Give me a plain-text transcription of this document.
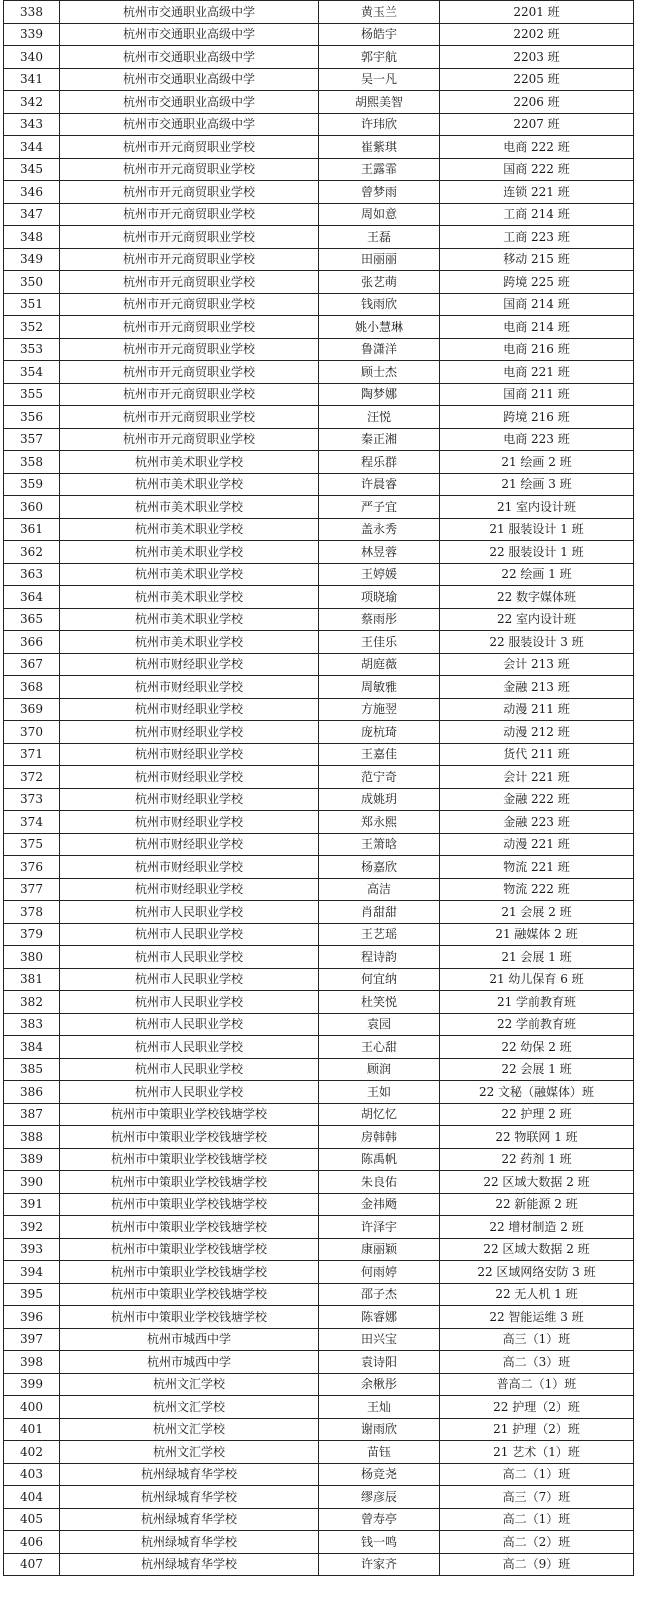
338	杭州市交通职业高级中学	黄玉兰	2201 班
339	杭州市交通职业高级中学	杨皓宇	2202 班
340	杭州市交通职业高级中学	郭宇航	2203 班
341	杭州市交通职业高级中学	吴一凡	2205 班
342	杭州市交通职业高级中学	胡熙美智	2206 班
343	杭州市交通职业高级中学	许玮欣	2207 班
344	杭州市开元商贸职业学校	崔紫琪	电商 222 班
345	杭州市开元商贸职业学校	王露霏	国商 222 班
346	杭州市开元商贸职业学校	曾梦雨	连锁 221 班
347	杭州市开元商贸职业学校	周如意	工商 214 班
348	杭州市开元商贸职业学校	王磊	工商 223 班
349	杭州市开元商贸职业学校	田丽丽	移动 215 班
350	杭州市开元商贸职业学校	张艺萌	跨境 225 班
351	杭州市开元商贸职业学校	钱雨欣	国商 214 班
352	杭州市开元商贸职业学校	姚小慧琳	电商 214 班
353	杭州市开元商贸职业学校	鲁潇洋	电商 216 班
354	杭州市开元商贸职业学校	顾士杰	电商 221 班
355	杭州市开元商贸职业学校	陶梦娜	国商 211 班
356	杭州市开元商贸职业学校	汪悦	跨境 216 班
357	杭州市开元商贸职业学校	秦正湘	电商 223 班
358	杭州市美术职业学校	程乐群	21 绘画 2 班
359	杭州市美术职业学校	许晨睿	21 绘画 3 班
360	杭州市美术职业学校	严子宜	21 室内设计班
361	杭州市美术职业学校	盖永秀	21 服装设计 1 班
362	杭州市美术职业学校	林昱蓉	22 服装设计 1 班
363	杭州市美术职业学校	王婷媛	22 绘画 1 班
364	杭州市美术职业学校	项晓瑜	22 数字媒体班
365	杭州市美术职业学校	蔡雨彤	22 室内设计班
366	杭州市美术职业学校	王佳乐	22 服装设计 3 班
367	杭州市财经职业学校	胡庭薇	会计 213 班
368	杭州市财经职业学校	周敏雅	金融 213 班
369	杭州市财经职业学校	方施翌	动漫 211 班
370	杭州市财经职业学校	庞杭琦	动漫 212 班
371	杭州市财经职业学校	王嘉佳	货代 211 班
372	杭州市财经职业学校	范宁奇	会计 221 班
373	杭州市财经职业学校	成姚玥	金融 222 班
374	杭州市财经职业学校	郑永熙	金融 223 班
375	杭州市财经职业学校	王箫晗	动漫 221 班
376	杭州市财经职业学校	杨嘉欣	物流 221 班
377	杭州市财经职业学校	高洁	物流 222 班
378	杭州市人民职业学校	肖甜甜	21 会展 2 班
379	杭州市人民职业学校	王艺瑶	21 融媒体 2 班
380	杭州市人民职业学校	程诗韵	21 会展 1 班
381	杭州市人民职业学校	何宜纳	21 幼儿保育 6 班
382	杭州市人民职业学校	杜笑悦	21 学前教育班
383	杭州市人民职业学校	袁园	22 学前教育班
384	杭州市人民职业学校	王心甜	22 幼保 2 班
385	杭州市人民职业学校	顾润	22 会展 1 班
386	杭州市人民职业学校	王如	22 文秘（融媒体）班
387	杭州市中策职业学校钱塘学校	胡忆忆	22 护理 2 班
388	杭州市中策职业学校钱塘学校	房韩韩	22 物联网 1 班
389	杭州市中策职业学校钱塘学校	陈禹帆	22 药剂 1 班
390	杭州市中策职业学校钱塘学校	朱良佑	22 区域大数据 2 班
391	杭州市中策职业学校钱塘学校	金祎飏	22 新能源 2 班
392	杭州市中策职业学校钱塘学校	许泽宇	22 增材制造 2 班
393	杭州市中策职业学校钱塘学校	康丽颖	22 区域大数据 2 班
394	杭州市中策职业学校钱塘学校	何雨婷	22 区域网络安防 3 班
395	杭州市中策职业学校钱塘学校	邵子杰	22 无人机 1 班
396	杭州市中策职业学校钱塘学校	陈睿娜	22 智能运维 3 班
397	杭州市城西中学	田兴宝	高三（1）班
398	杭州市城西中学	袁诗阳	高二（3）班
399	杭州文汇学校	余楸彤	普高二（1）班
400	杭州文汇学校	王灿	22 护理（2）班
401	杭州文汇学校	谢雨欣	21 护理（2）班
402	杭州文汇学校	苗钰	21 艺术（1）班
403	杭州绿城育华学校	杨竞尧	高二（1）班
404	杭州绿城育华学校	缪彦辰	高三（7）班
405	杭州绿城育华学校	曾寿亭	高二（1）班
406	杭州绿城育华学校	钱一鸣	高二（2）班
407	杭州绿城育华学校	许家齐	高二（9）班
